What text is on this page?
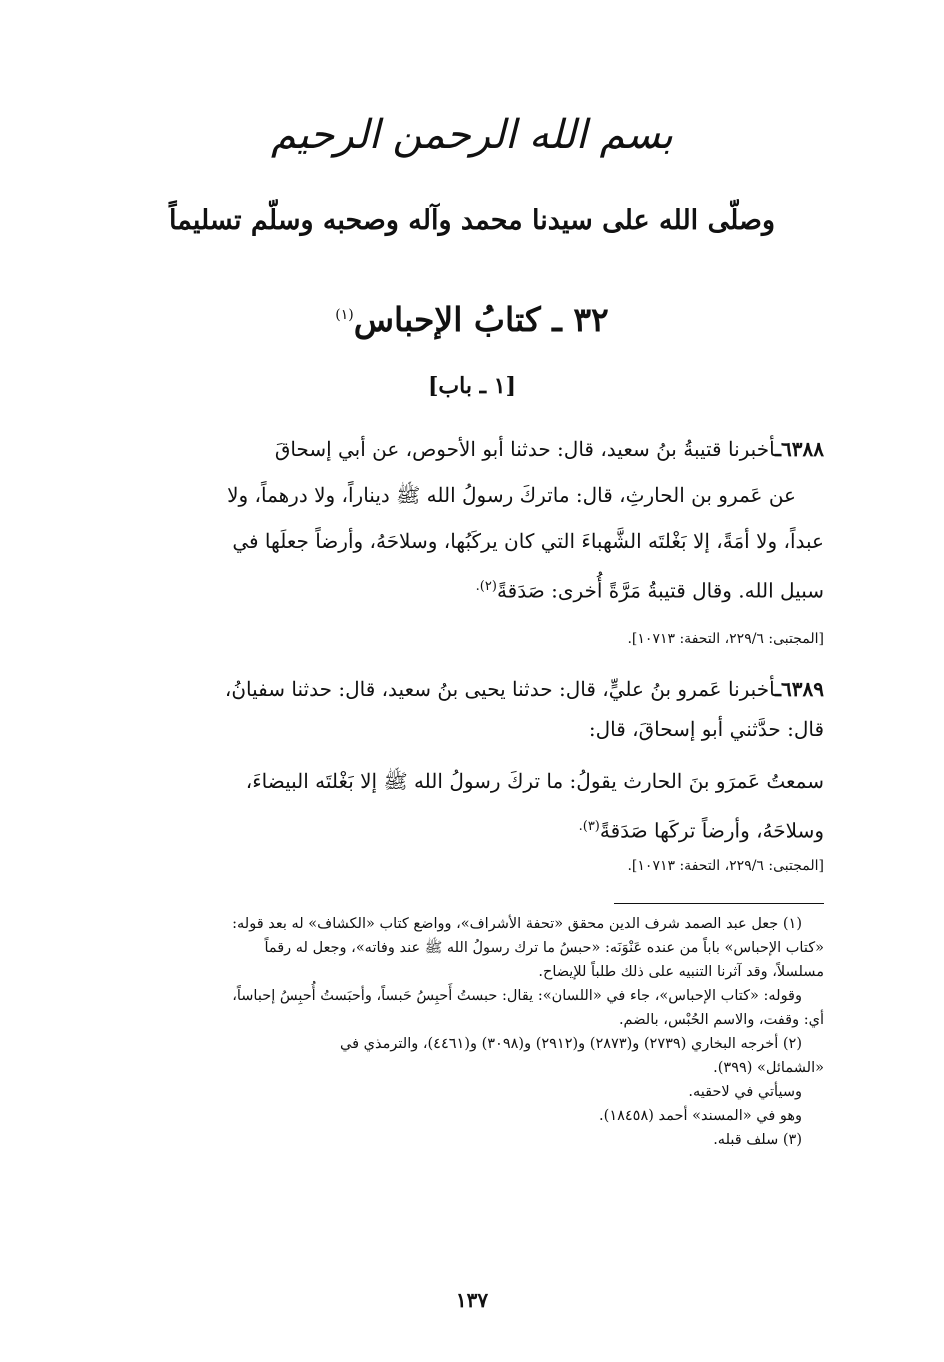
بسم الله الرحمن الرحيم
وصلّى الله على سيدنا محمد وآله وصحبه وسلّم تسليماً
٣٢ ـ كتابُ الإحباس$^{(١)}$
[١ ـ باب]
٦٣٨٨ـأخبرنا قتيبةُ بنُ سعيد، قال: حدثنا أبو الأحوص، عن أبي إسحاقَ
عن عَمرو بن الحارثِ، قال: ماتركَ رسولُ الله ﷺ ديناراً، ولا درهماً، ولا
عبداً، ولا أمَةً، إلا بَغْلتَه الشَّهباءَ التي كان يركَبُها، وسلاحَهُ، وأرضاً جعلَها في
سبيل الله. وقال قتيبةُ مَرَّةً أُخرى: صَدَقةً$^{(٢).}$
[المجتبى: ٢٢٩/٦، التحفة: ١٠٧١٣].
٦٣٨٩ـأخبرنا عَمرو بنُ عليٍّ، قال: حدثنا يحيى بنُ سعيد، قال: حدثنا سفيانُ،
قال: حدَّثني أبو إسحاقَ، قال:
سمعتُ عَمرَو بنَ الحارث يقولُ: ما تركَ رسولُ الله ﷺ إلا بَغْلتَه البيضاءَ،
وسلاحَهُ، وأرضاً تركَها صَدَقةً$^{(٣).}$
[المجتبى: ٢٢٩/٦، التحفة: ١٠٧١٣].
(١) جعل عبد الصمد شرف الدين محقق «تحفة الأشراف»، وواضع كتاب «الكشاف» له بعد قوله:
«كتاب الإحباس» باباً من عنده عَنْوَنَه: «حبسُ ما ترك رسولُ الله ﷺ عند وفاته»، وجعل له رقماً
مسلسلاً، وقد آثرنا التنبيه على ذلك طلباً للإيضاح.
وقوله: «كتاب الإحباس»، جاء في «اللسان»: يقال: حبستُ أَحبِسُ حَبساً، وأحبَستُ أُحبِسُ إحباساً،
أي: وقفت، والاسم الحُبْس، بالضم.
(٢) أخرجه البخاري (٢٧٣٩) و(٢٨٧٣) و(٢٩١٢) و(٣٠٩٨) و(٤٤٦١)، والترمذي في
«الشمائل» (٣٩٩).
وسيأتي في لاحقيه.
وهو في «المسند» أحمد (١٨٤٥٨).
(٣) سلف قبله.
١٣٧
